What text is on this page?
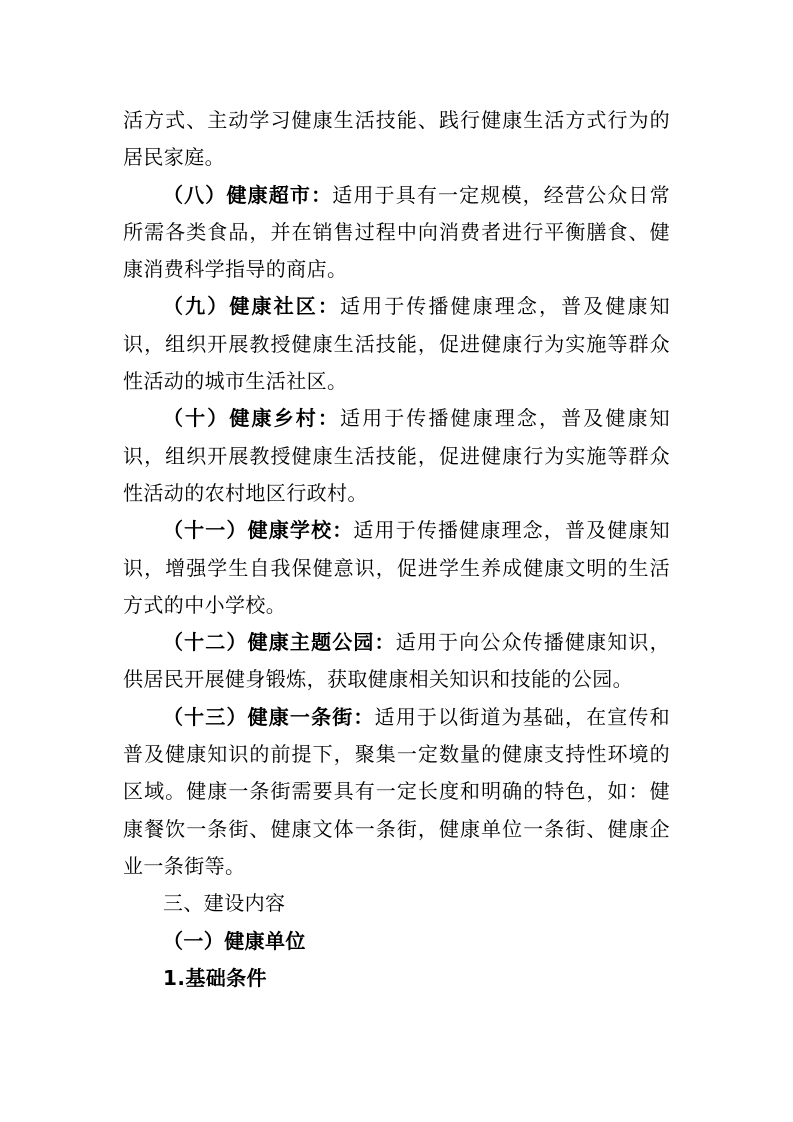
活方式、主动学习健康生活技能、践行健康生活方式行为的居民家庭。

（八）健康超市：适用于具有一定规模，经营公众日常所需各类食品，并在销售过程中向消费者进行平衡膳食、健康消费科学指导的商店。

（九）健康社区：适用于传播健康理念，普及健康知识，组织开展教授健康生活技能，促进健康行为实施等群众性活动的城市生活社区。

（十）健康乡村：适用于传播健康理念，普及健康知识，组织开展教授健康生活技能，促进健康行为实施等群众性活动的农村地区行政村。

（十一）健康学校：适用于传播健康理念，普及健康知识，增强学生自我保健意识，促进学生养成健康文明的生活方式的中小学校。

（十二）健康主题公园：适用于向公众传播健康知识，供居民开展健身锻炼，获取健康相关知识和技能的公园。

（十三）健康一条街：适用于以街道为基础，在宣传和普及健康知识的前提下，聚集一定数量的健康支持性环境的区域。健康一条街需要具有一定长度和明确的特色，如：健康餐饮一条街、健康文体一条街，健康单位一条街、健康企业一条街等。

三、建设内容

（一）健康单位

1.基础条件
